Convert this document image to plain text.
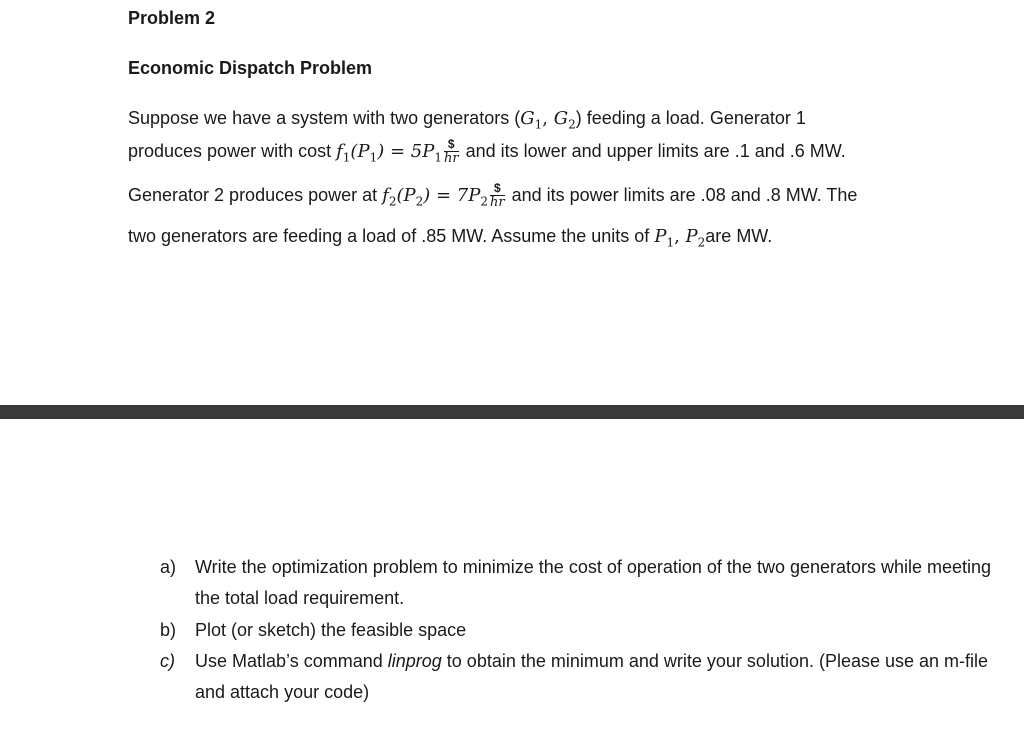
Problem 2
Economic Dispatch Problem
Suppose we have a system with two generators ($G_1$, $G_2$) feeding a load. Generator 1
produces power with cost $f_1(P_1) = 5P_1 \frac{\$}{hr}$ and its lower and upper limits are .1 and .6 MW.
Generator 2 produces power at $f_2(P_2) = 7P_2 \frac{\$}{hr}$ and its power limits are .08 and .8 MW. The
two generators are feeding a load of .85 MW. Assume the units of $P_1$, $P_2are$ MW.
a) Write the optimization problem to minimize the cost of operation of the two generators while meeting the total load requirement.
b) Plot (or sketch) the feasible space
c) Use Matlab’s command linprog to obtain the minimum and write your solution. (Please use an m-file and attach your code)
